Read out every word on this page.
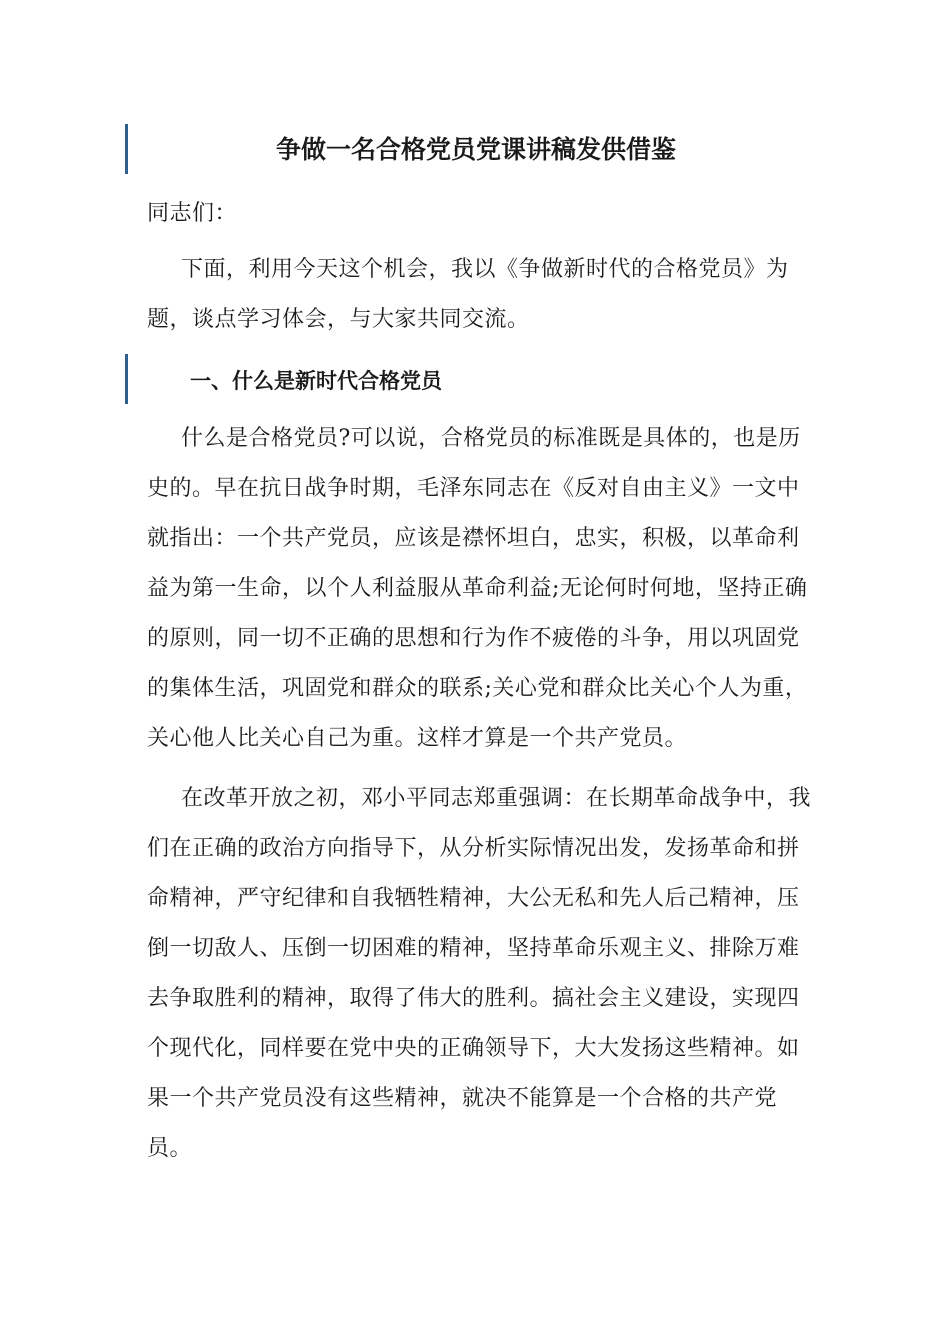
争做一名合格党员党课讲稿发供借鉴

同志们：

下面，利用今天这个机会，我以《争做新时代的合格党员》为题，谈点学习体会，与大家共同交流。

一、什么是新时代合格党员

什么是合格党员?可以说，合格党员的标准既是具体的，也是历史的。早在抗日战争时期，毛泽东同志在《反对自由主义》一文中就指出：一个共产党员，应该是襟怀坦白，忠实，积极，以革命利益为第一生命，以个人利益服从革命利益;无论何时何地，坚持正确的原则，同一切不正确的思想和行为作不疲倦的斗争，用以巩固党的集体生活，巩固党和群众的联系;关心党和群众比关心个人为重，关心他人比关心自己为重。这样才算是一个共产党员。

在改革开放之初，邓小平同志郑重强调：在长期革命战争中，我们在正确的政治方向指导下，从分析实际情况出发，发扬革命和拼命精神，严守纪律和自我牺牲精神，大公无私和先人后己精神，压倒一切敌人、压倒一切困难的精神，坚持革命乐观主义、排除万难去争取胜利的精神，取得了伟大的胜利。搞社会主义建设，实现四个现代化，同样要在党中央的正确领导下，大大发扬这些精神。如果一个共产党员没有这些精神，就决不能算是一个合格的共产党员。
